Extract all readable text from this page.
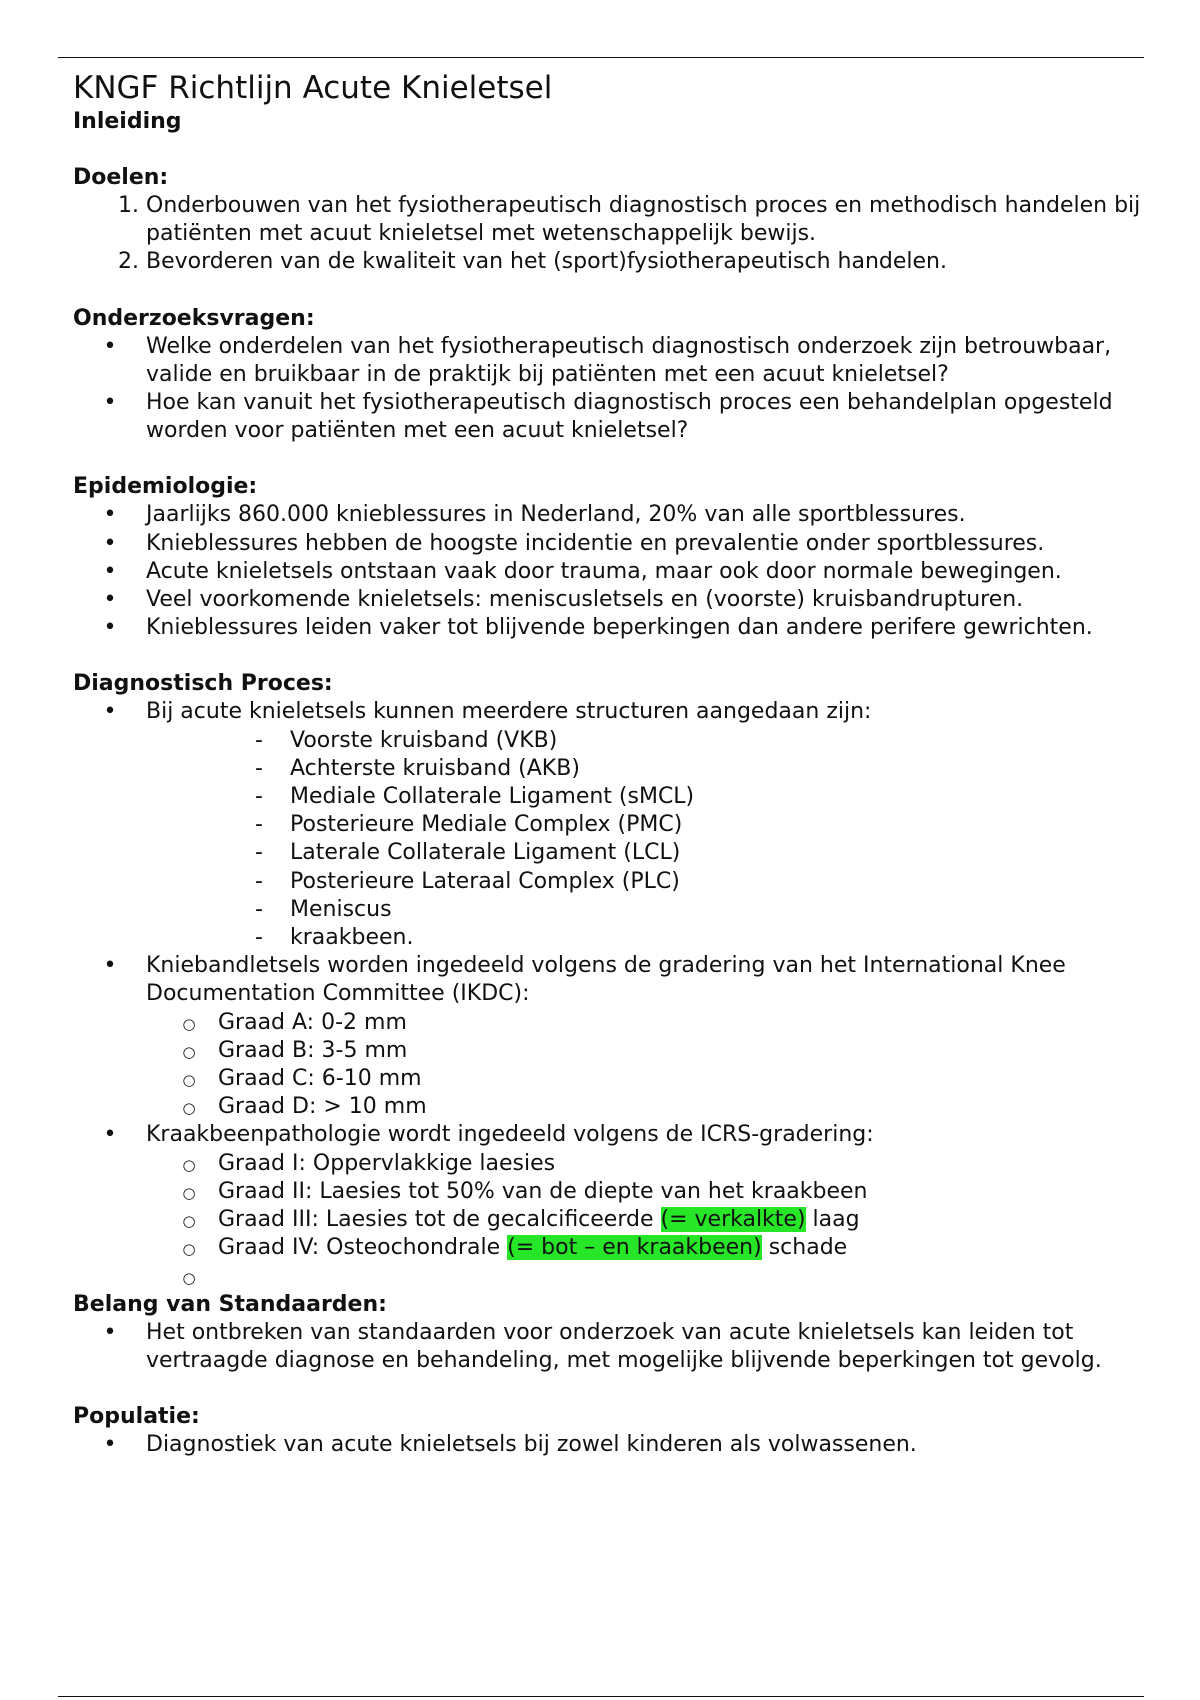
KNGF Richtlijn Acute Knieletsel
Inleiding
Doelen:
1. Onderbouwen van het fysiotherapeutisch diagnostisch proces en methodisch handelen bij patiënten met acuut knieletsel met wetenschappelijk bewijs.
2. Bevorderen van de kwaliteit van het (sport)fysiotherapeutisch handelen.
Onderzoeksvragen:
• Welke onderdelen van het fysiotherapeutisch diagnostisch onderzoek zijn betrouwbaar, valide en bruikbaar in de praktijk bij patiënten met een acuut knieletsel?
• Hoe kan vanuit het fysiotherapeutisch diagnostisch proces een behandelplan opgesteld worden voor patiënten met een acuut knieletsel?
Epidemiologie:
• Jaarlijks 860.000 knieblessures in Nederland, 20% van alle sportblessures.
• Knieblessures hebben de hoogste incidentie en prevalentie onder sportblessures.
• Acute knieletsels ontstaan vaak door trauma, maar ook door normale bewegingen.
• Veel voorkomende knieletsels: meniscusletsels en (voorste) kruisbandrupturen.
• Knieblessures leiden vaker tot blijvende beperkingen dan andere perifere gewrichten.
Diagnostisch Proces:
• Bij acute knieletsels kunnen meerdere structuren aangedaan zijn:
- Voorste kruisband (VKB)
- Achterste kruisband (AKB)
- Mediale Collaterale Ligament (sMCL)
- Posterieure Mediale Complex (PMC)
- Laterale Collaterale Ligament (LCL)
- Posterieure Lateraal Complex (PLC)
- Meniscus
- kraakbeen.
• Kniebandletsels worden ingedeeld volgens de gradering van het International Knee Documentation Committee (IKDC):
○ Graad A: 0-2 mm
○ Graad B: 3-5 mm
○ Graad C: 6-10 mm
○ Graad D: > 10 mm
• Kraakbeenpathologie wordt ingedeeld volgens de ICRS-gradering:
○ Graad I: Oppervlakkige laesies
○ Graad II: Laesies tot 50% van de diepte van het kraakbeen
○ Graad III: Laesies tot de gecalcificeerde (= verkalkte) laag
○ Graad IV: Osteochondrale (= bot – en kraakbeen) schade
○

Belang van Standaarden:
• Het ontbreken van standaarden voor onderzoek van acute knieletsels kan leiden tot vertraagde diagnose en behandeling, met mogelijke blijvende beperkingen tot gevolg.
Populatie:
• Diagnostiek van acute knieletsels bij zowel kinderen als volwassenen.
